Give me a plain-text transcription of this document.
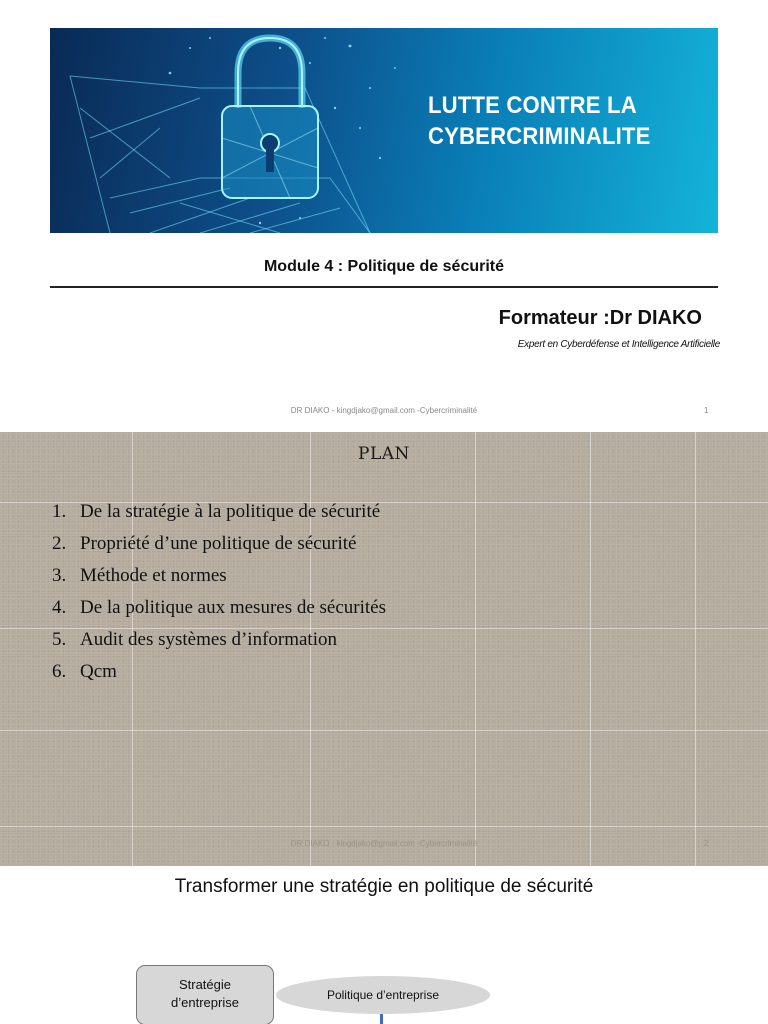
LUTTE CONTRE LA
CYBERCRIMINALITE
Module 4 : Politique de sécurité
Formateur :Dr DIAKO
Expert en Cyberdéfense et Intelligence Artificielle
DR DIAKO - kingdjako@gmail.com -Cybercriminalité	1
PLAN
1. De la stratégie à la politique de sécurité
2. Propriété d’une politique de sécurité
3. Méthode et normes
4. De la politique aux mesures de sécurités
5. Audit des systèmes d’information
6. Qcm
DR DIAKO - kingdjako@gmail.com -Cybercriminalité	2
Transformer une stratégie en politique de sécurité
Stratégie
d’entreprise	Politique d’entreprise
